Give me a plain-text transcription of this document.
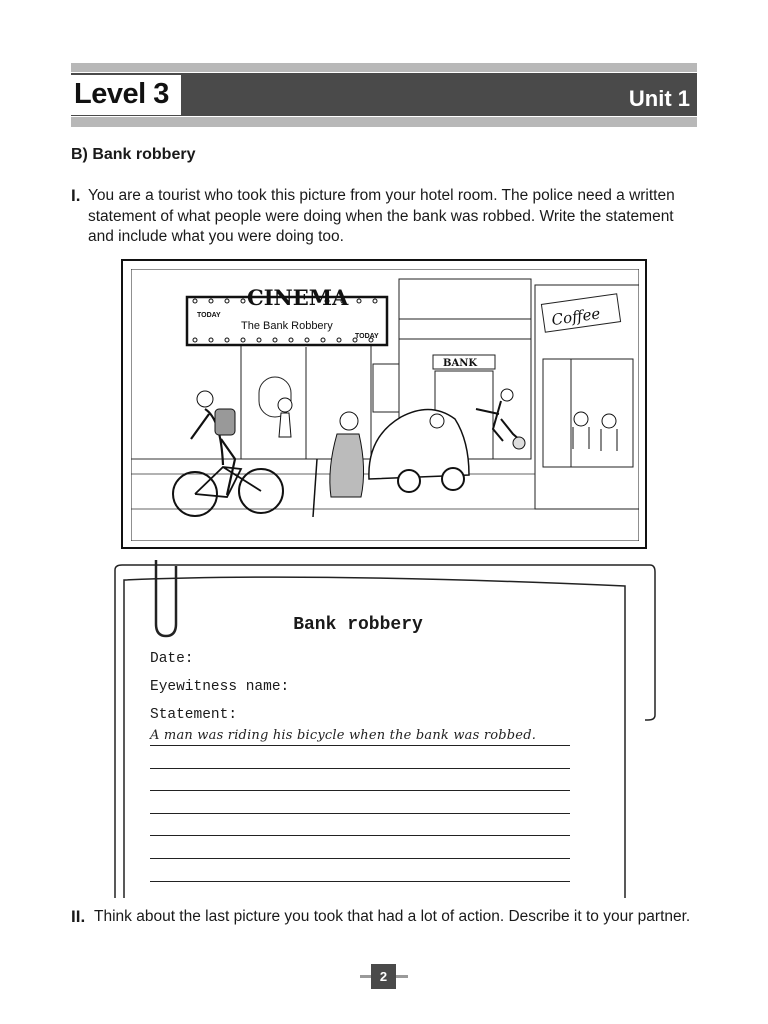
Level 3	Unit 1
B) Bank robbery
I. You are a tourist who took this picture from your hotel room. The police need a written statement of what people were doing when the bank was robbed. Write the statement and include what you were doing too.
CINEMA
TODAY
The Bank Robbery
TODAY
BANK
Coffee
Bank robbery
Date:
Eyewitness name:
Statement:
A man was riding his bicycle when the bank was robbed.
II. Think about the last picture you took that had a lot of action. Describe it to your partner.
2
